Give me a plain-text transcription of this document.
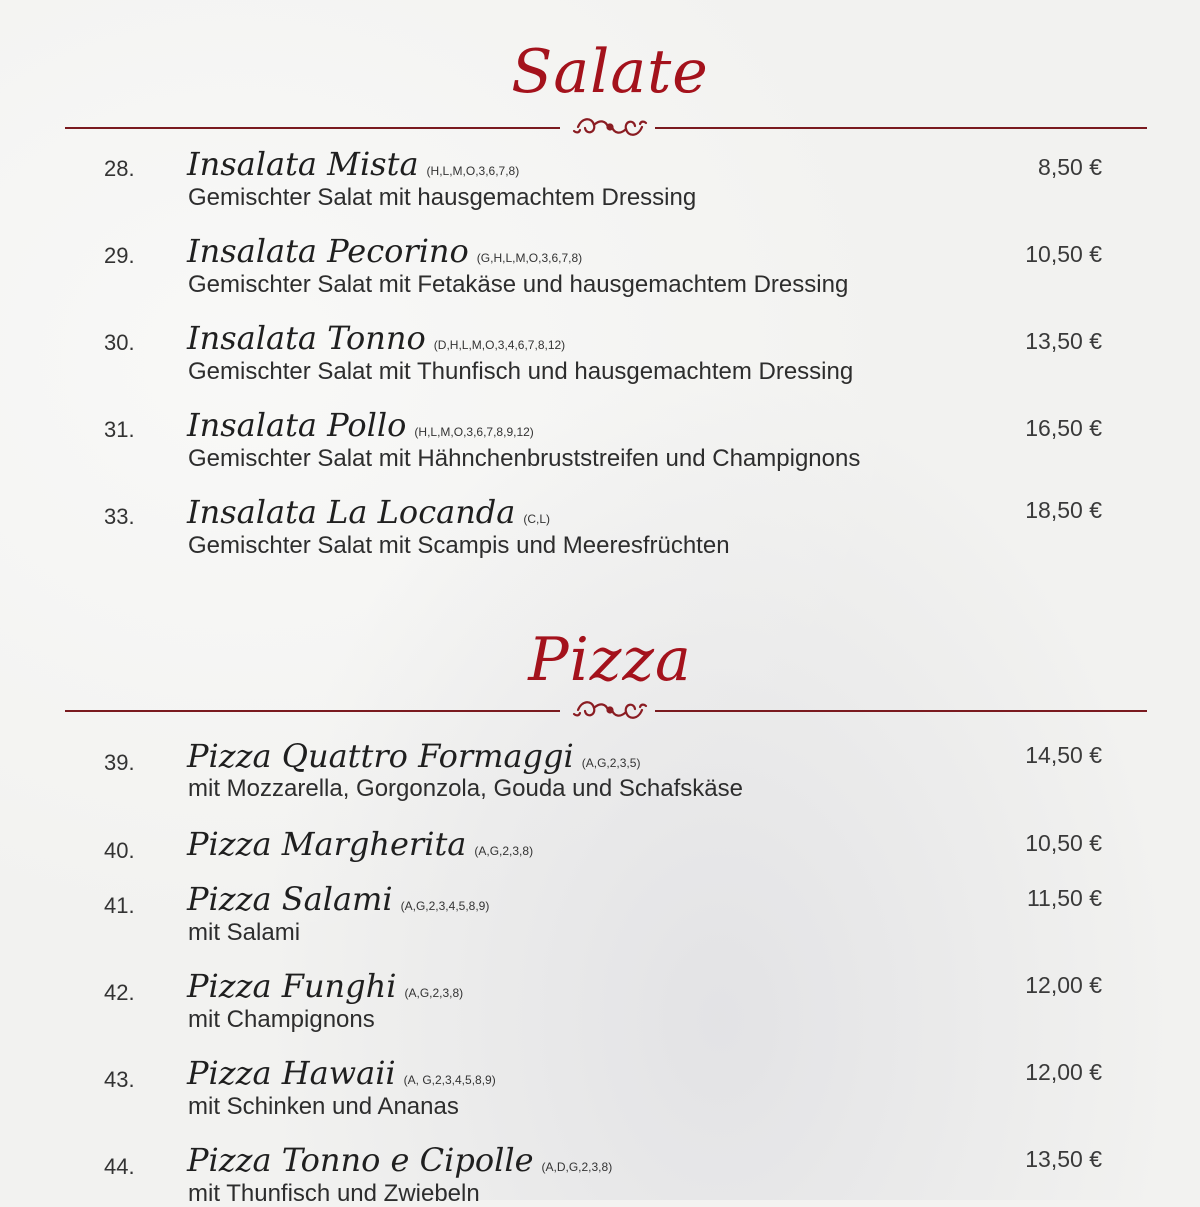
Salate
28. Insalata Mista (H,L,M,O,3,6,7,8)
Gemischter Salat mit hausgemachtem Dressing
8,50 €
29. Insalata Pecorino (G,H,L,M,O,3,6,7,8)
Gemischter Salat mit Fetakäse und hausgemachtem Dressing
10,50 €
30. Insalata Tonno (D,H,L,M,O,3,4,6,7,8,12)
Gemischter Salat mit Thunfisch und hausgemachtem Dressing
13,50 €
31. Insalata Pollo (H,L,M,O,3,6,7,8,9,12)
Gemischter Salat mit Hähnchenbruststreifen und Champignons
16,50 €
33. Insalata La Locanda (C,L)
Gemischter Salat mit Scampis und Meeresfrüchten
18,50 €
Pizza
39. Pizza Quattro Formaggi (A,G,2,3,5)
mit Mozzarella, Gorgonzola, Gouda und Schafskäse
14,50 €
40. Pizza Margherita (A,G,2,3,8)	10,50 €
41. Pizza Salami (A,G,2,3,4,5,8,9)
mit Salami
11,50 €
42. Pizza Funghi (A,G,2,3,8)
mit Champignons
12,00 €
43. Pizza Hawaii (A, G,2,3,4,5,8,9)
mit Schinken und Ananas
12,00 €
44. Pizza Tonno e Cipolle (A,D,G,2,3,8)
mit Thunfisch und Zwiebeln
13,50 €
